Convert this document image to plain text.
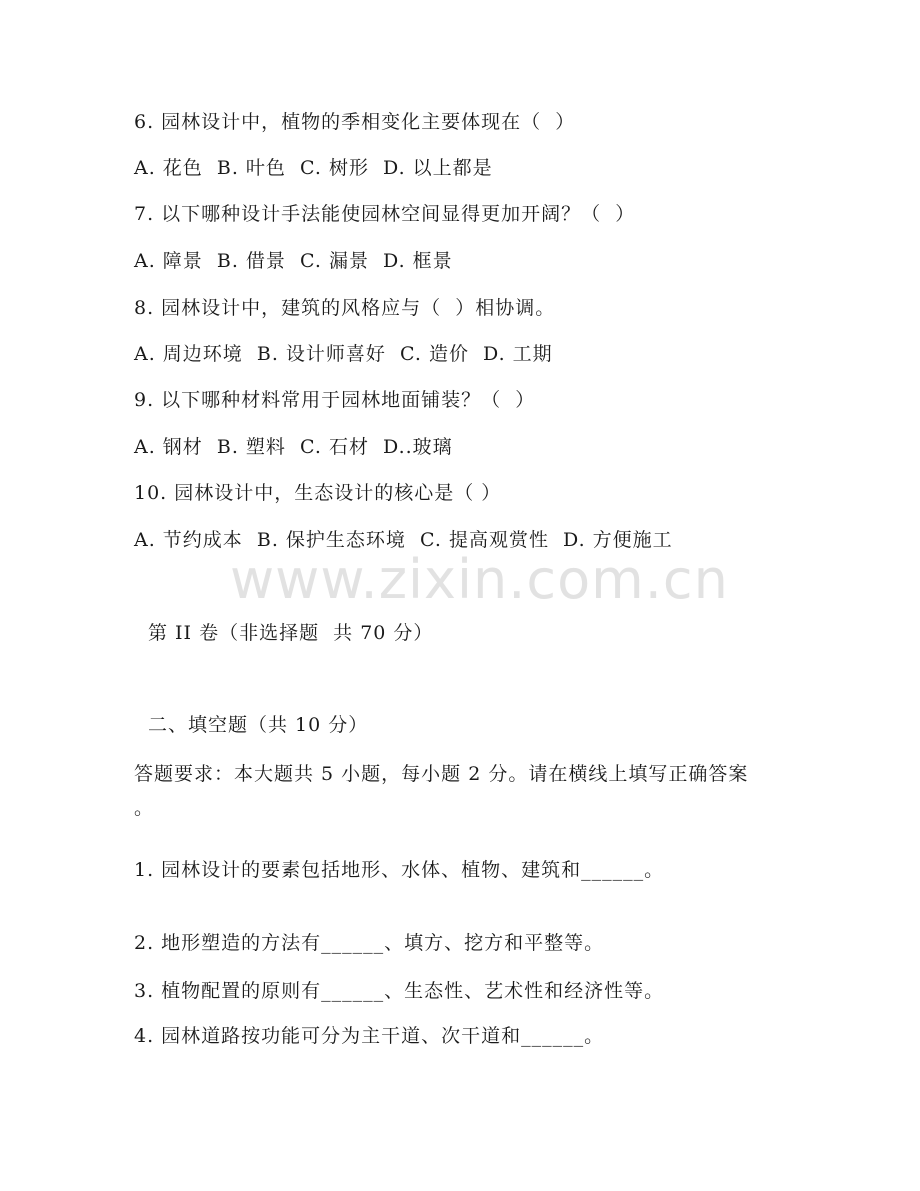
6. 园林设计中，植物的季相变化主要体现在（  ）
A. 花色  B. 叶色  C. 树形  D. 以上都是
7. 以下哪种设计手法能使园林空间显得更加开阔？（  ）
A. 障景  B. 借景  C. 漏景  D. 框景
8. 园林设计中，建筑的风格应与（  ）相协调。
A. 周边环境  B. 设计师喜好  C. 造价  D. 工期
9. 以下哪种材料常用于园林地面铺装？（  ）
A. 钢材  B. 塑料  C. 石材  D..玻璃
10. 园林设计中，生态设计的核心是（ ）
A. 节约成本  B. 保护生态环境  C. 提高观赏性  D. 方便施工
www.zixin.com.cn
第 II 卷（非选择题  共 70 分）
二、填空题（共 10 分）
答题要求：本大题共 5 小题，每小题 2 分。请在横线上填写正确答案
。
1. 园林设计的要素包括地形、水体、植物、建筑和______。
2. 地形塑造的方法有______、填方、挖方和平整等。
3. 植物配置的原则有______、生态性、艺术性和经济性等。
4. 园林道路按功能可分为主干道、次干道和______。
